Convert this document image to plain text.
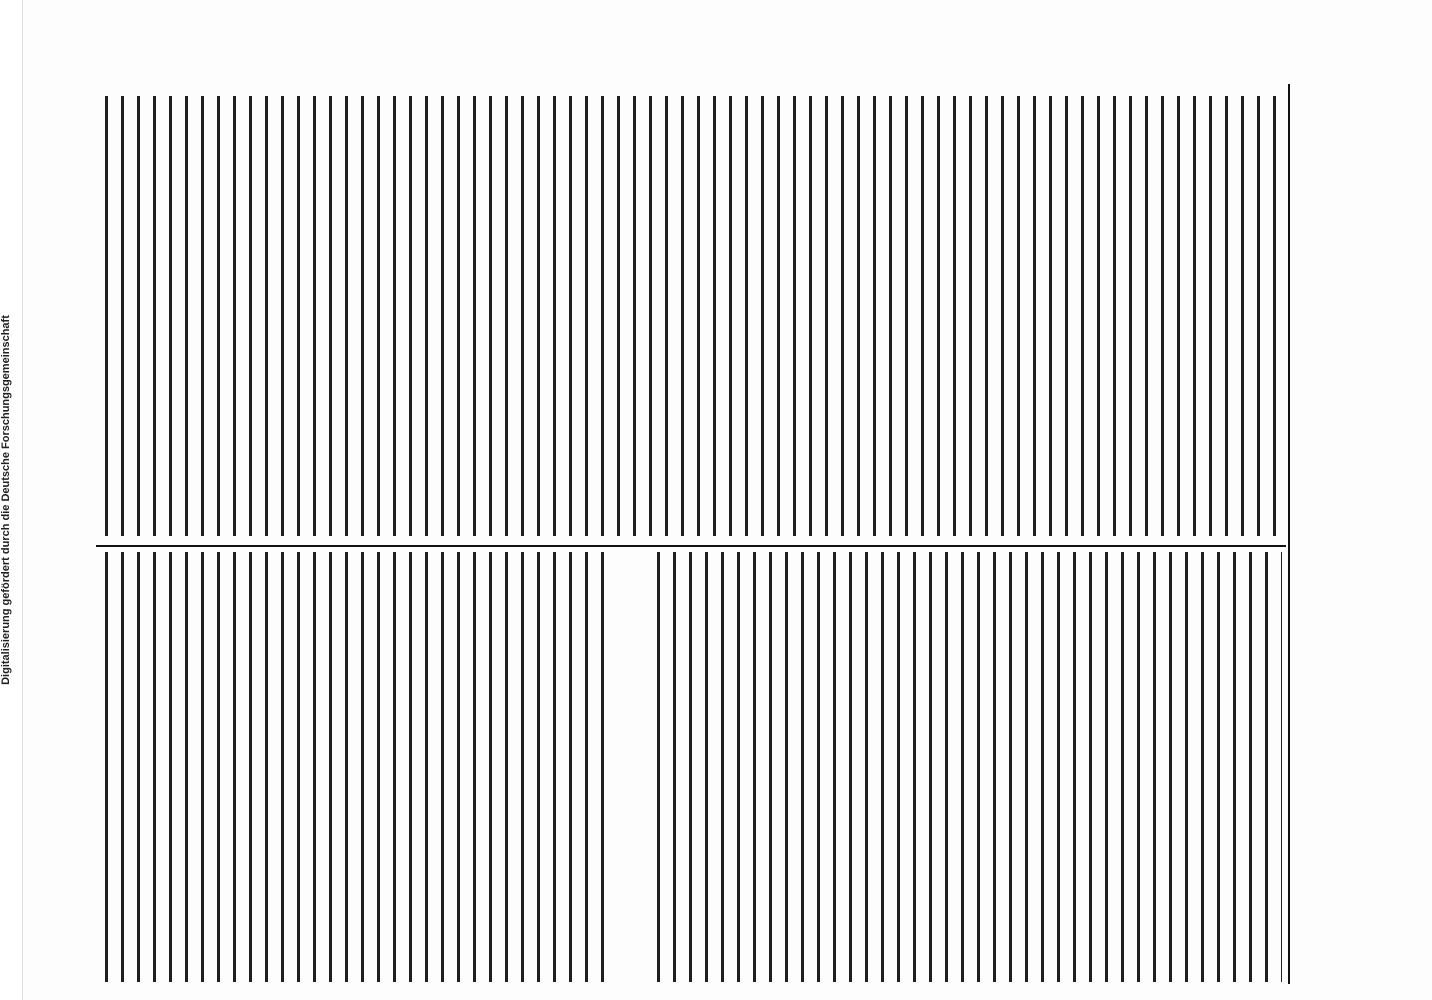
Digitalisierung gefördert durch die Deutsche Forschungsgemeinschaft
